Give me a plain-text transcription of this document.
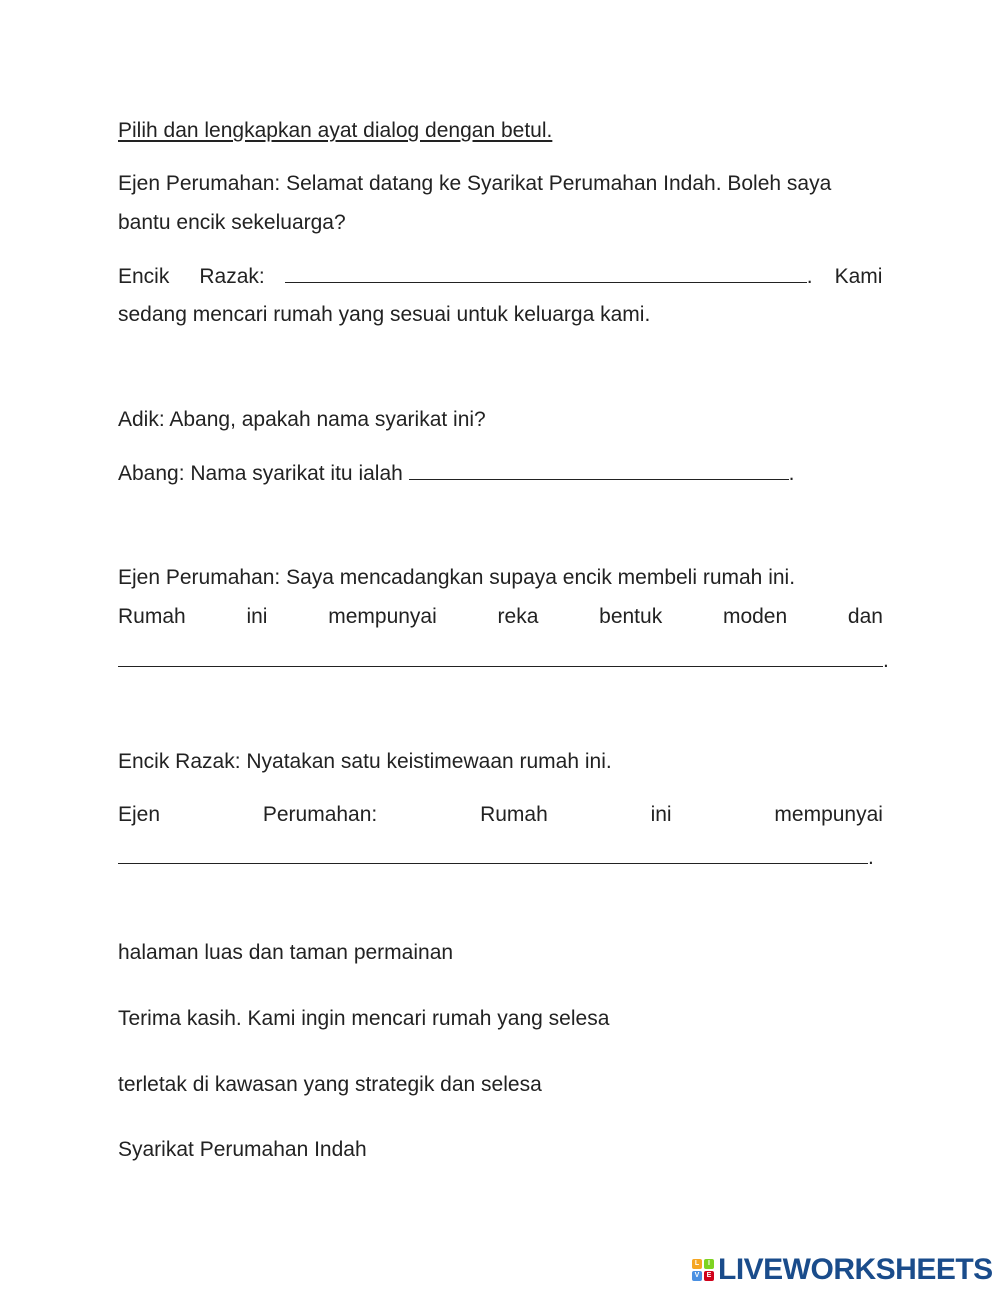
Pilih dan lengkapkan ayat dialog dengan betul.
Ejen Perumahan: Selamat datang ke Syarikat Perumahan Indah. Boleh saya
bantu encik sekeluarga?
Encik Razak:	. Kami
sedang mencari rumah yang sesuai untuk keluarga kami.
Adik: Abang, apakah nama syarikat ini?
Abang: Nama syarikat itu ialah	.
Ejen Perumahan: Saya mencadangkan supaya encik membeli rumah ini.
Rumah	ini	mempunyai	reka	bentuk	moden	dan
.
Encik Razak: Nyatakan satu keistimewaan rumah ini.
Ejen	Perumahan:	Rumah	ini	mempunyai
.
halaman luas dan taman permainan
Terima kasih. Kami ingin mencari rumah yang selesa
terletak di kawasan yang strategik dan selesa
Syarikat Perumahan Indah
L	I
V	E LIVEWORKSHEETS
